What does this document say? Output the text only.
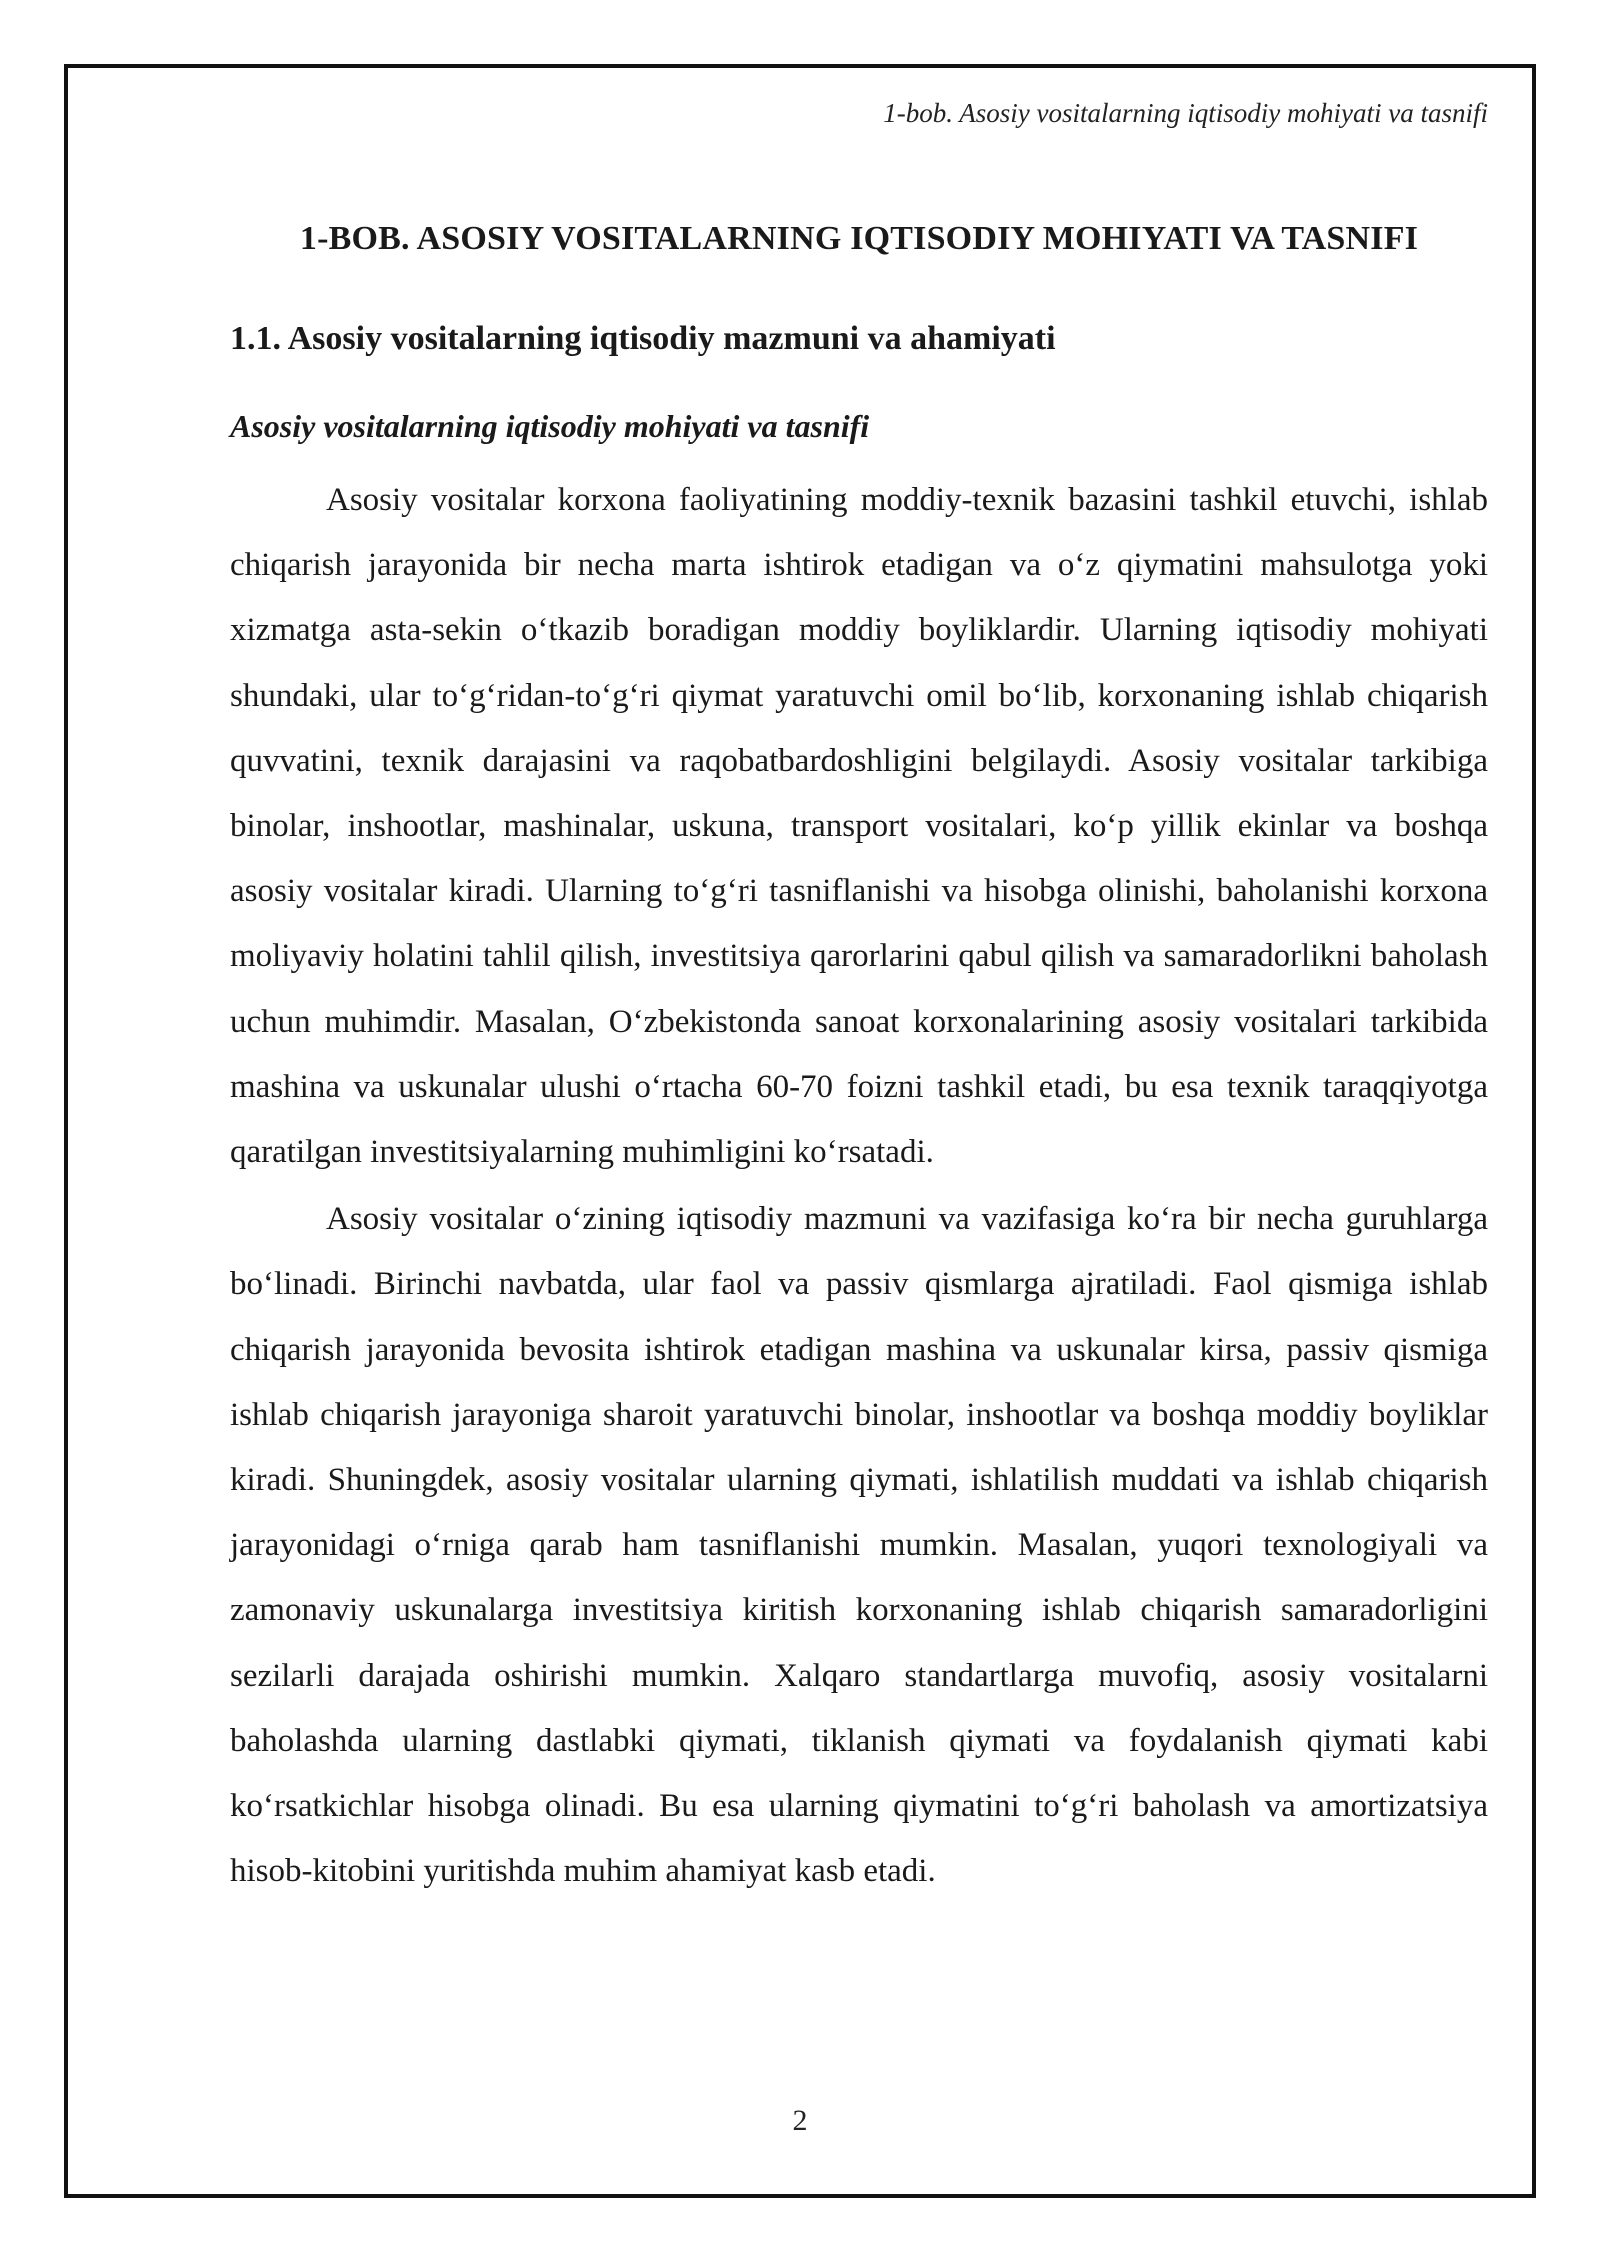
1-bob. Asosiy vositalarning iqtisodiy mohiyati va tasnifi
1-BOB. ASOSIY VOSITALARNING IQTISODIY MOHIYATI VA TASNIFI
1.1. Asosiy vositalarning iqtisodiy mazmuni va ahamiyati
Asosiy vositalarning iqtisodiy mohiyati va tasnifi

Asosiy vositalar korxona faoliyatining moddiy-texnik bazasini tashkil etuvchi, ishlab chiqarish jarayonida bir necha marta ishtirok etadigan va o‘z qiymatini mahsulotga yoki xizmatga asta-sekin o‘tkazib boradigan moddiy boyliklardir. Ularning iqtisodiy mohiyati shundaki, ular to‘g‘ridan-to‘g‘ri qiymat yaratuvchi omil bo‘lib, korxonaning ishlab chiqarish quvvatini, texnik darajasini va raqobatbardoshligini belgilaydi. Asosiy vositalar tarkibiga binolar, inshootlar, mashinalar, uskuna, transport vositalari, ko‘p yillik ekinlar va boshqa asosiy vositalar kiradi. Ularning to‘g‘ri tasniflanishi va hisobga olinishi, baholanishi korxona moliyaviy holatini tahlil qilish, investitsiya qarorlarini qabul qilish va samaradorlikni baholash uchun muhimdir. Masalan, O‘zbekistonda sanoat korxonalarining asosiy vositalari tarkibida mashina va uskunalar ulushi o‘rtacha 60-70 foizni tashkil etadi, bu esa texnik taraqqiyotga qaratilgan investitsiyalarning muhimligini ko‘rsatadi.

Asosiy vositalar o‘zining iqtisodiy mazmuni va vazifasiga ko‘ra bir necha guruhlarga bo‘linadi. Birinchi navbatda, ular faol va passiv qismlarga ajratiladi. Faol qismiga ishlab chiqarish jarayonida bevosita ishtirok etadigan mashina va uskunalar kirsa, passiv qismiga ishlab chiqarish jarayoniga sharoit yaratuvchi binolar, inshootlar va boshqa moddiy boyliklar kiradi. Shuningdek, asosiy vositalar ularning qiymati, ishlatilish muddati va ishlab chiqarish jarayonidagi o‘rniga qarab ham tasniflanishi mumkin. Masalan, yuqori texnologiyali va zamonaviy uskunalarga investitsiya kiritish korxonaning ishlab chiqarish samaradorligini sezilarli darajada oshirishi mumkin. Xalqaro standartlarga muvofiq, asosiy vositalarni baholashda ularning dastlabki qiymati, tiklanish qiymati va foydalanish qiymati kabi ko‘rsatkichlar hisobga olinadi. Bu esa ularning qiymatini to‘g‘ri baholash va amortizatsiya hisob-kitobini yuritishda muhim ahamiyat kasb etadi.

2
